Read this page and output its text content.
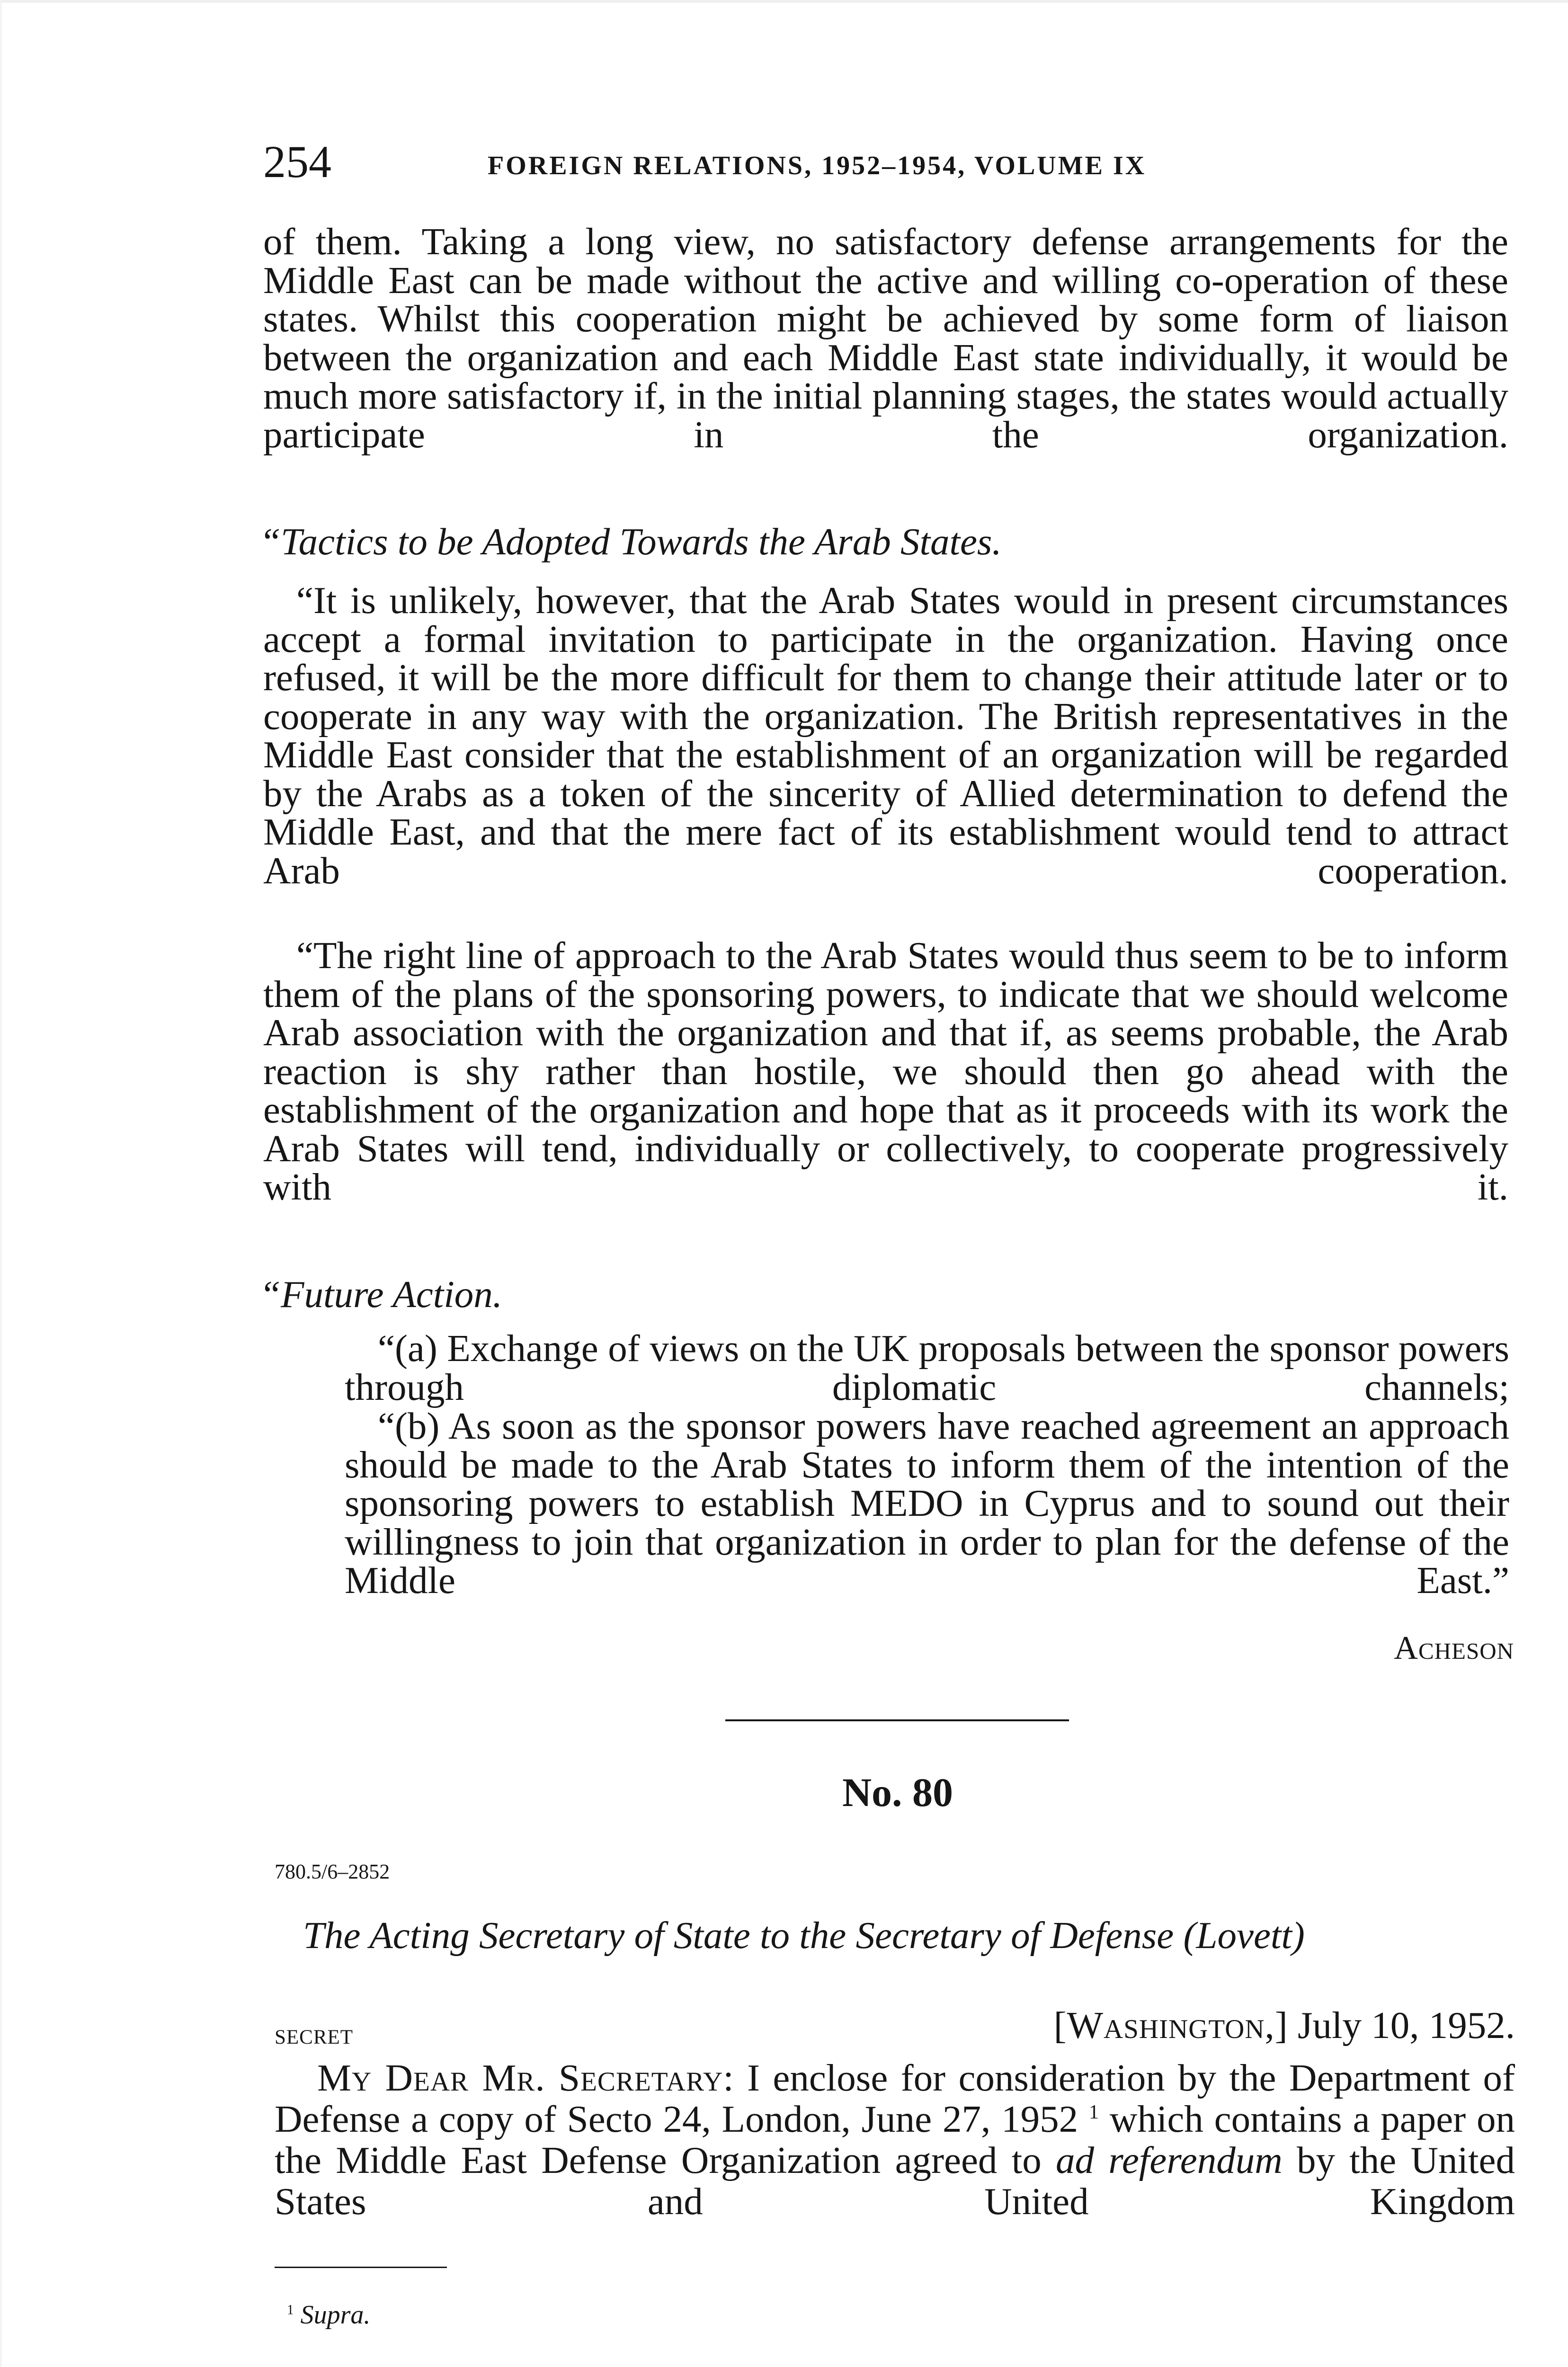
254	FOREIGN RELATIONS, 1952–1954, VOLUME IX
of them. Taking a long view, no satisfactory defense arrangements for the Middle East can be made without the active and willing co-operation of these states. Whilst this cooperation might be achieved by some form of liaison between the organization and each Middle East state individually, it would be much more satisfactory if, in the initial planning stages, the states would actually participate in the organization.
“Tactics to be Adopted Towards the Arab States.
“It is unlikely, however, that the Arab States would in present circumstances accept a formal invitation to participate in the organization. Having once refused, it will be the more difficult for them to change their attitude later or to cooperate in any way with the organization. The British representatives in the Middle East consider that the establishment of an organization will be regarded by the Arabs as a token of the sincerity of Allied determination to defend the Middle East, and that the mere fact of its establishment would tend to attract Arab cooperation.
“The right line of approach to the Arab States would thus seem to be to inform them of the plans of the sponsoring powers, to indicate that we should welcome Arab association with the organization and that if, as seems probable, the Arab reaction is shy rather than hostile, we should then go ahead with the establishment of the organization and hope that as it proceeds with its work the Arab States will tend, individually or collectively, to cooperate progressively with it.
“Future Action.
“(a) Exchange of views on the UK proposals between the sponsor powers through diplomatic channels;
“(b) As soon as the sponsor powers have reached agreement an approach should be made to the Arab States to inform them of the intention of the sponsoring powers to establish MEDO in Cyprus and to sound out their willingness to join that organization in order to plan for the defense of the Middle East.”
Acheson
No. 80
780.5/6–2852
The Acting Secretary of State to the Secretary of Defense (Lovett)
secret	[Washington,] July 10, 1952.
My Dear Mr. Secretary: I enclose for consideration by the Department of Defense a copy of Secto 24, London, June 27, 1952 $^1$ which contains a paper on the Middle East Defense Organization agreed to ad referendum by the United States and United Kingdom
$^1$ Supra.
